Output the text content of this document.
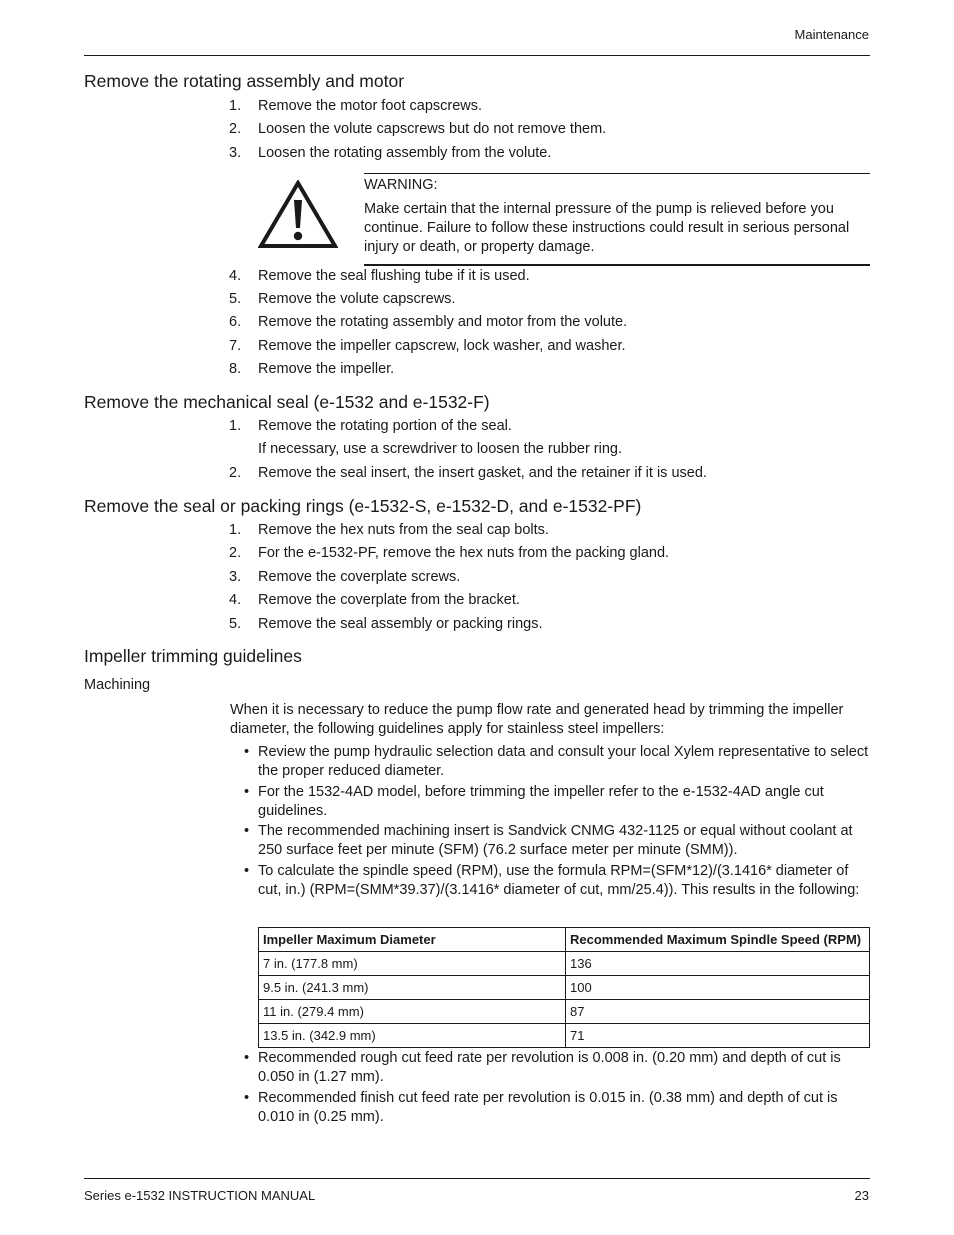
Maintenance
Remove the rotating assembly and motor
1. Remove the motor foot capscrews.
2. Loosen the volute capscrews but do not remove them.
3. Loosen the rotating assembly from the volute.
WARNING:
Make certain that the internal pressure of the pump is relieved before you continue. Failure to follow these instructions could result in serious personal injury or death, or property damage.
4. Remove the seal flushing tube if it is used.
5. Remove the volute capscrews.
6. Remove the rotating assembly and motor from the volute.
7. Remove the impeller capscrew, lock washer, and washer.
8. Remove the impeller.
Remove the mechanical seal (e-1532 and e-1532-F)
1. Remove the rotating portion of the seal.
If necessary, use a screwdriver to loosen the rubber ring.
2. Remove the seal insert, the insert gasket, and the retainer if it is used.
Remove the seal or packing rings (e-1532-S, e-1532-D, and e-1532-PF)
1. Remove the hex nuts from the seal cap bolts.
2. For the e-1532-PF, remove the hex nuts from the packing gland.
3. Remove the coverplate screws.
4. Remove the coverplate from the bracket.
5. Remove the seal assembly or packing rings.
Impeller trimming guidelines
Machining
When it is necessary to reduce the pump flow rate and generated head by trimming the impeller diameter, the following guidelines apply for stainless steel impellers:
• Review the pump hydraulic selection data and consult your local Xylem representative to select the proper reduced diameter.
• For the 1532-4AD model, before trimming the impeller refer to the e-1532-4AD angle cut guidelines.
• The recommended machining insert is Sandvick CNMG 432-1125 or equal without coolant at 250 surface feet per minute (SFM) (76.2 surface meter per minute (SMM)).
• To calculate the spindle speed (RPM), use the formula RPM=(SFM*12)/(3.1416* diameter of cut, in.) (RPM=(SMM*39.37)/(3.1416* diameter of cut, mm/25.4)). This results in the following:
Impeller Maximum Diameter	Recommended Maximum Spindle Speed (RPM)
7 in. (177.8 mm)	136
9.5 in. (241.3 mm)	100
11 in. (279.4 mm)	87
13.5 in. (342.9 mm)	71
• Recommended rough cut feed rate per revolution is 0.008 in. (0.20 mm) and depth of cut is 0.050 in (1.27 mm).
• Recommended finish cut feed rate per revolution is 0.015 in. (0.38 mm) and depth of cut is 0.010 in (0.25 mm).
Series e-1532 INSTRUCTION MANUAL	23
